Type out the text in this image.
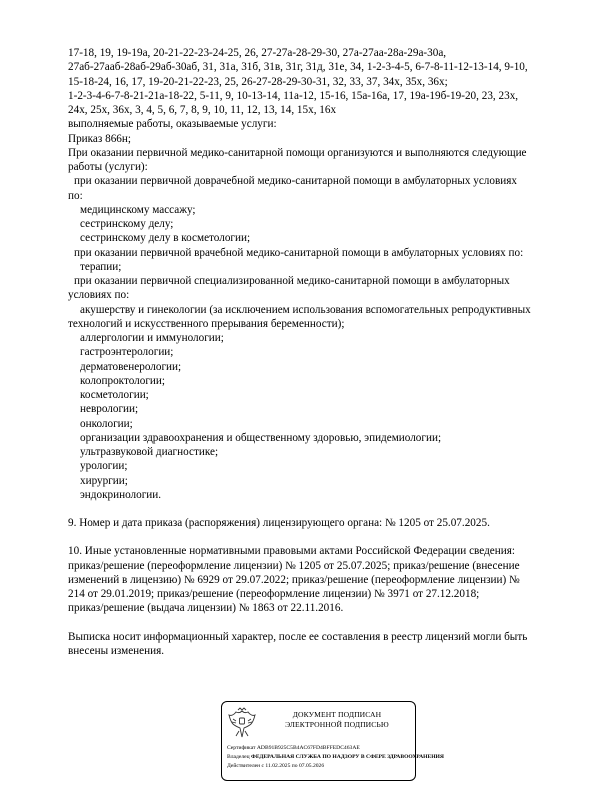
17-18, 19, 19-19а, 20-21-22-23-24-25, 26, 27-27а-28-29-30, 27а-27аа-28а-29а-30а,
27аб-27ааб-28аб-29аб-30аб, 31, 31а, 31б, 31в, 31г, 31д, 31е, 34, 1-2-3-4-5, 6-7-8-11-12-13-14, 9-10,
15-18-24, 16, 17, 19-20-21-22-23, 25, 26-27-28-29-30-31, 32, 33, 37, 34х, 35х, 36х;
1-2-3-4-6-7-8-21-21а-18-22, 5-11, 9, 10-13-14, 11а-12, 15-16, 15а-16а, 17, 19а-19б-19-20, 23, 23х,
24х, 25х, 36х, 3, 4, 5, 6, 7, 8, 9, 10, 11, 12, 13, 14, 15х, 16х
выполняемые работы, оказываемые услуги:
Приказ 866н;
При оказании первичной медико-санитарной помощи организуются и выполняются следующие
работы (услуги):
при оказании первичной доврачебной медико-санитарной помощи в амбулаторных условиях
по:
медицинскому массажу;
сестринскому делу;
сестринскому делу в косметологии;
при оказании первичной врачебной медико-санитарной помощи в амбулаторных условиях по:
терапии;
при оказании первичной специализированной медико-санитарной помощи в амбулаторных
условиях по:
акушерству и гинекологии (за исключением использования вспомогательных репродуктивных
технологий и искусственного прерывания беременности);
аллергологии и иммунологии;
гастроэнтерологии;
дерматовенерологии;
колопроктологии;
косметологии;
неврологии;
онкологии;
организации здравоохранения и общественному здоровью, эпидемиологии;
ультразвуковой диагностике;
урологии;
хирургии;
эндокринологии.
9. Номер и дата приказа (распоряжения) лицензирующего органа: № 1205 от 25.07.2025.
10. Иные установленные нормативными правовыми актами Российской Федерации сведения:
приказ/решение (переоформление лицензии) № 1205 от 25.07.2025; приказ/решение (внесение
изменений в лицензию) № 6929 от 29.07.2022; приказ/решение (переоформление лицензии) №
214 от 29.01.2019; приказ/решение (переоформление лицензии) № 3971 от 27.12.2018;
приказ/решение (выдача лицензии) № 1863 от 22.11.2016.
Выписка носит информационный характер, после ее составления в реестр лицензий могли быть
внесены изменения.
ДОКУМЕНТ ПОДПИСАН
ЭЛЕКТРОННОЙ ПОДПИСЬЮ
Сертификат ADB91B925C5B4AC67FD4BFFEDC463AE
Владелец ФЕДЕРАЛЬНАЯ СЛУЖБА ПО НАДЗОРУ В СФЕРЕ ЗДРАВООХРАНЕНИЯ
Действителен с 11.02.2025 по 07.05.2026
